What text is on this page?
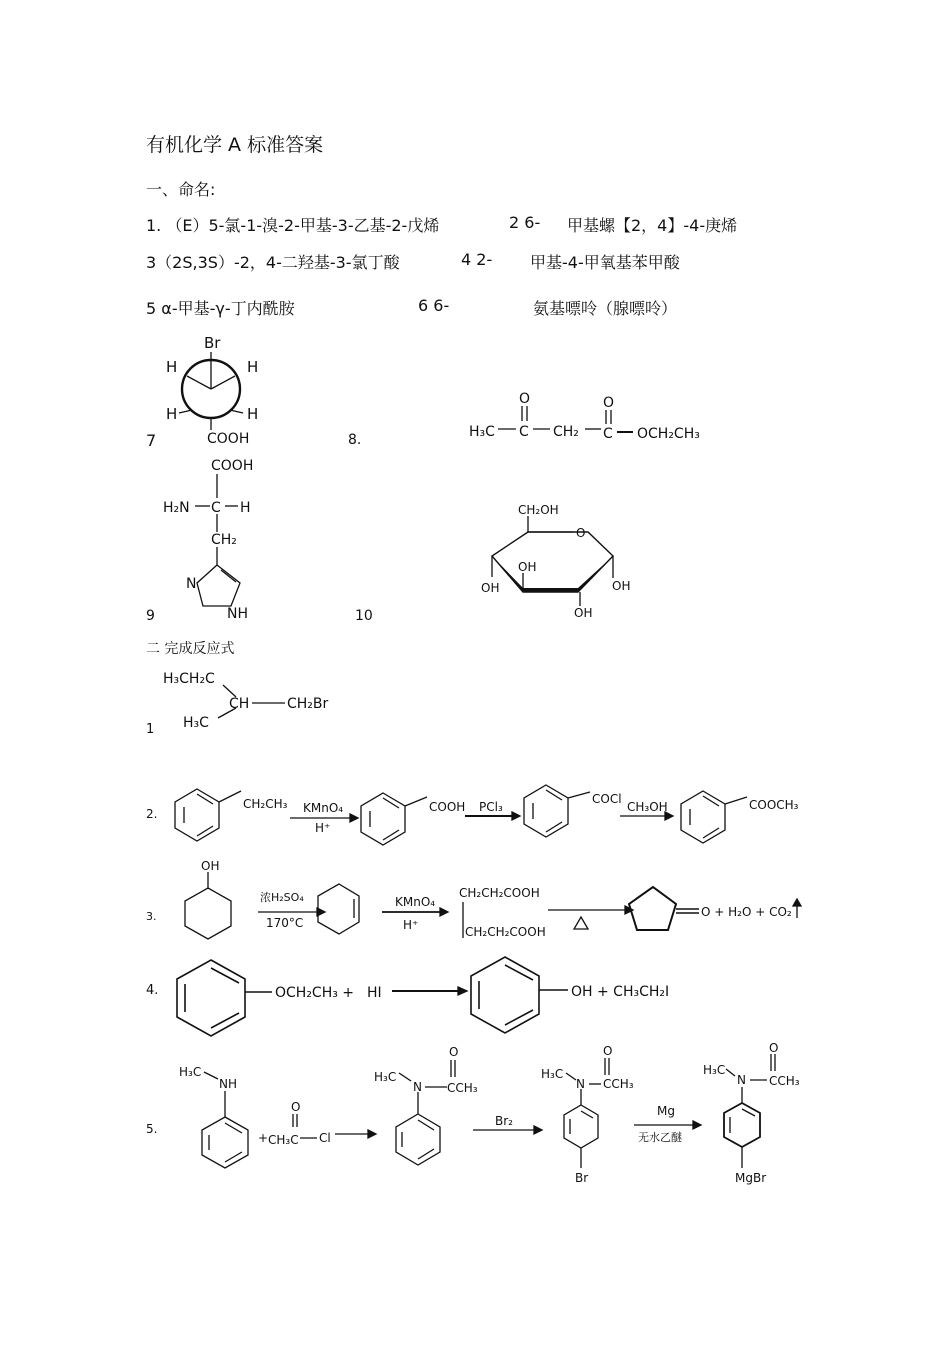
有机化学 A 标准答案
一、命名:
1. （E）5-氯-1-溴-2-甲基-3-乙基-2-戊烯	2 6- 甲基螺【2，4】-4-庚烯
3（2S,3S）-2，4-二羟基-3-氯丁酸	4 2- 甲基-4-甲氧基苯甲酸
5 α-甲基-γ-丁内酰胺	6 6-	氨基嘌呤（腺嘌呤）
7	8.
9	10
二 完成反应式
Br
H	H
H	H
COOH	H₃C C CH₂ C OCH₂CH₃
O	O
COOH
H₂N C H
CH₂
N
NH
CH₂OH
O
OH
OH	OH
OH
1
H₃CH₂C
CH
H₃C
CH₂Br
2.
CH₂CH₃ KMnO₄
H⁺
COOH PCl₃
COCl
CH₃OH	COOCH₃
3.
OH
浓H₂SO₄
170°C
KMnO₄
H⁺
CH₂CH₂COOH
CH₂CH₂COOH
O + H₂O + CO₂
4.	OCH₂CH₃ + HI	OH + CH₃CH₂I
5.
H₃C
NH
+ CH₃C
O
Cl
H₃C
N CCH₃
O
Br₂
H₃C
N CCH₃
O
Br
Mg
无水乙醚
H₃C
N CCH₃
O
MgBr
